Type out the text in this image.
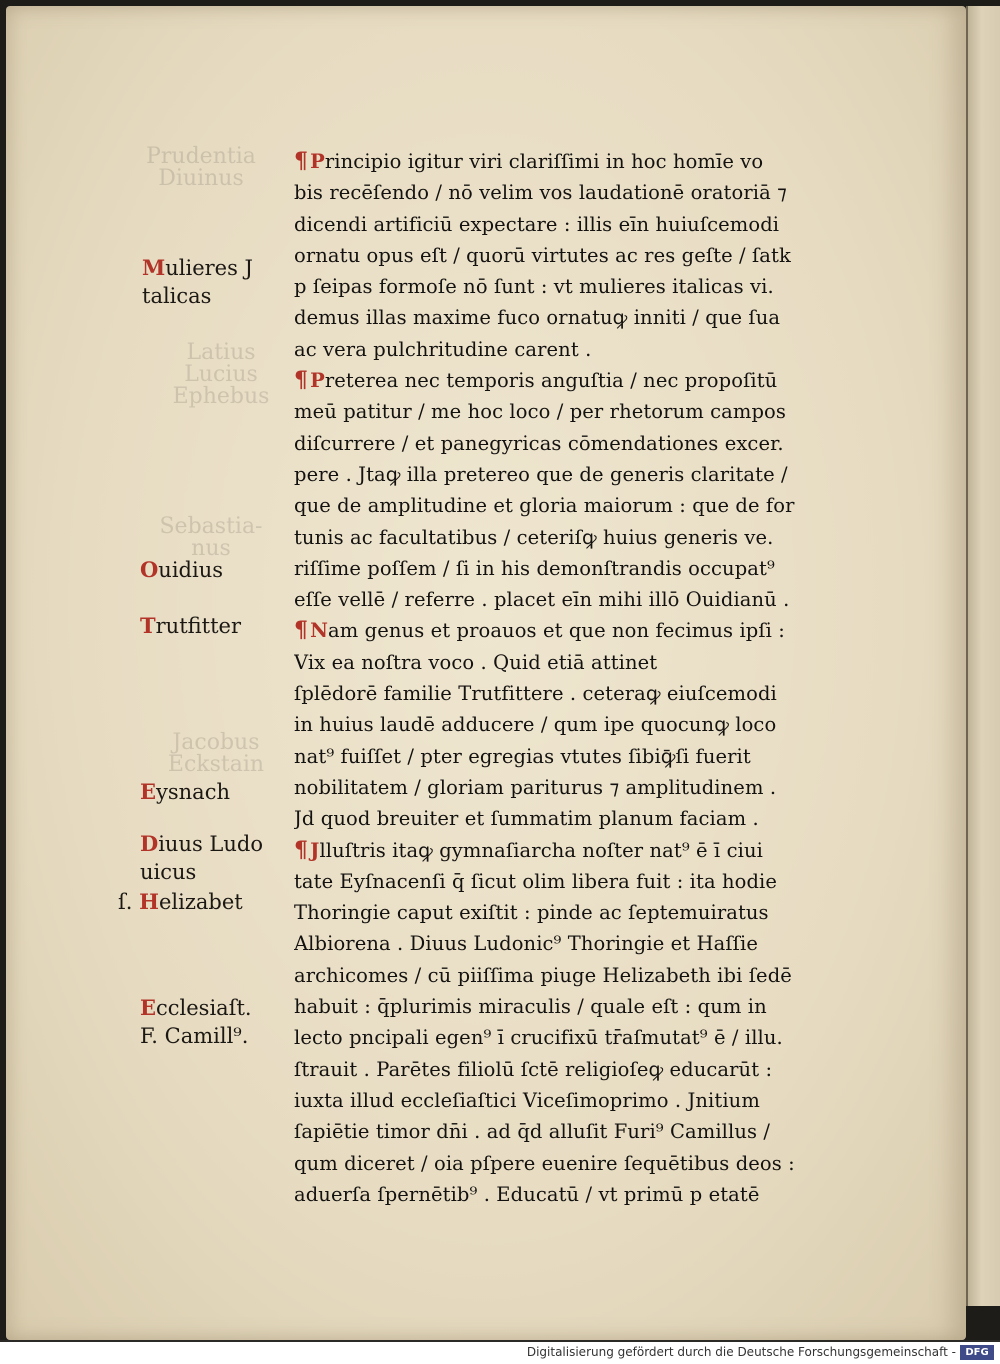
Prudentia
Diuinus
Latius
Lucius
Ephebus
Sebastia-
nus
Jacobus
Eckstain
Mulieres J
talicas
Ouidius
Trutfitter
Eysnach
Diuus Ludo
uicus
ſ. Helizabet
Ecclesiaſt.
F. Camill⁹.
¶ Principio igitur viri clariſſimi in hoc homīe vo
bis recēſendo / nō velim vos laudationē oratoriā ⁊
dicendi artificiū expectare : illis eīn huiuſcemodi
ornatu opus eſt / quorū virtutes ac res geſte / ſatk
p ſeipas formoſe nō ſunt : vt mulieres italicas vi.
demus illas maxime fuco ornatuꝙ inniti / que ſua
ac vera pulchritudine carent .
¶ Preterea nec temporis anguſtia / nec propoſitū
meū patitur / me hoc loco / per rhetorum campos
diſcurrere / et panegyricas cōmendationes excer.
pere . Jtaꝙ illa pretereo que de generis claritate /
que de amplitudine et gloria maiorum : que de for
tunis ac facultatibus / ceteriſꝙ huius generis ve.
riſſime poſſem / ſi in his demonſtrandis occupat⁹
eſſe vellē / referre . placet eīn mihi illō Ouidianū .
¶ Nam genus et proauos et que non fecimus ipſi :
Vix ea noſtra voco . Quid etiā attinet
ſplēdorē familie Trutfittere . ceteraꝙ eiuſcemodi
in huius laudē adducere / qum ipe quocunꝙ loco
nat⁹ fuiſſet / pter egregias vtutes ſibiꝙ̄ſi fuerit
nobilitatem / gloriam pariturus ⁊ amplitudinem .
Jd quod breuiter et ſummatim planum faciam .
¶ Jlluſtris itaꝙ gymnaſiarcha noſter nat⁹ ē ī ciui
tate Eyſnacenſi q̄ ſicut olim libera fuit : ita hodie
Thoringie caput exiſtit : pinde ac ſeptemuiratus
Albiorena . Diuus Ludonic⁹ Thoringie et Haſſie
archicomes / cū piiſſima piuge Helizabeth ibi ſedē
habuit : q̄plurimis miraculis / quale eſt : qum in
lecto pncipali egen⁹ ī crucifixū tr̄aſmutat⁹ ē / illu.
ſtrauit . Parētes filiolū ſctē religioſeꝙ educarūt :
iuxta illud eccleſiaſtici Viceſimoprimo . Jnitium
ſapiētie timor dn̄i . ad q̄d alluſit Furi⁹ Camillus /
qum diceret / oia pſpere euenire ſequētibus deos :
aduerſa ſpernētib⁹ . Educatū / vt primū p etatē
Digitalisierung gefördert durch die Deutsche Forschungsgemeinschaft - DFG
